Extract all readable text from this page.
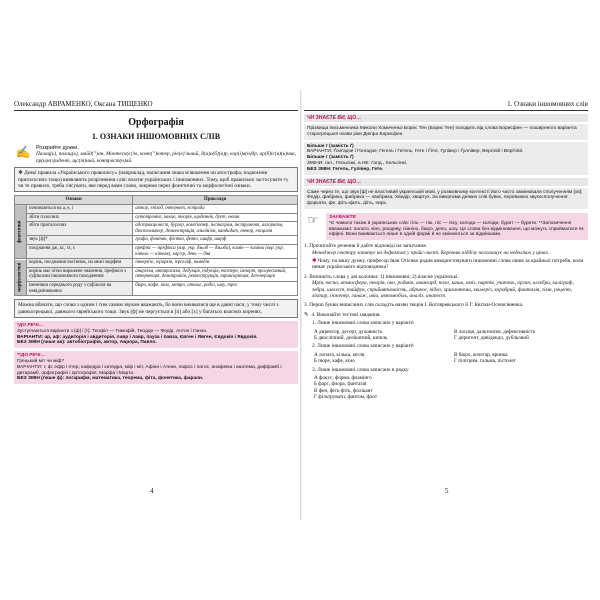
Олександр АВРАМЕНКО, Оксана ТИЩЕНКО
Орфографія
1. ОЗНАКИ ІНШОМОВНИХ СЛІВ
✍ Розкрийте дужки.
Палац(ь), палац(ь), майд('ʼ)ан, Монтеск(є)'ю, комп('ʼ)ютер, рів(е)'льний, д(и)о(б)(и)р, кор(і)а(н)др, ар(б)іс(и)(ь)ник, пр(и)е(з)идент, щс(т)ний, контраст(н)ий.
❖ Деякі правила «Українського правопису» (наприклад, написання знака м'якшення чи апострофа, подвоєння приголосних тощо) виявляють розрізнення слів: власне українських і іншомовних. Тому, щоб правильно застосувати ту чи те правило, треба з'ясувати, яке перед вами слово, зокрема через фонетичні та морфологічні ознаки.
Ознаки		Приклади
фонетичні	починаються на а, е, і	автор, епізод, інтернет, естрада
	збіги голосних	аутотренінг, какао, теорія, щоденнік, дуєт, океан
	збіги приголосних	абстракціоніст, бургер, комп'ютер, інстаграм, інструмент, алгоритм, бюстгальтер, демонстрація, альпінізм, кандидат, тенор, ексцизія
	звук [ф]*	графа, фонтан, фістка, фото, шифр, шарф
	поєднання дж, кс, гз, є	префікс — префікса (вор. укр. дзьоб — дзьоба), камін — каміна (вор. укр. кітель — кітеля), кар'єр, день — дня
морфологічні	корінь, поєднання частинок, на межі морфем	інтерв'ю, ієрархія, ієрогліф, комедія
	корінь має чітко виражене значення, префікси з суфіксами іншомовного походження	анархізм, антирасизм, дедукція, індукція, екстерн, імпорт, прогресивний, інтервенція, демократія, реконструкція, транскрипція, дегенерація
	іменники середнього роду з суфіксом на невідмінюваних	бюро, кафе, кіно, метро, ательє, радіо, шоу, тріо
Можна вбачати, що слова з одним і тим самим звуком вважають, бо вони вживалися ще в давні часи, у тому числі з давньогрецької, давнього єврейського тощо. Звук [ф] не чергується в [п] або [х] у багатьох власних коренях.
*ДО РЕЧІ…
Зустрічаються варіанти з [ф] і [т]: Теофіл — Тимофій, Теодор — Федір, Антон і Ганна.
ВАРІАНТИ: ар, аф: аудиторія і авдиторія, лавр і лавр, пауза і павза, Євген і Явген, Євдокія і Явдокія.
БЕЗ ЗМІН (лише ав): автобіографія, автор, Аврора, Павло.
**ДО РЕЧІ…
Грецький міт чи міф?
ВАРІАНТИ: т, ф: ефір і етер, кафедра і катедра, міф і міт, Афіни і Атени, пафос і патос, анафема і анатема, дифірамб і дитирамб, орфографія і ортографія, Марфа і Марта.
БЕЗ ЗМІН (лише ф): логарифм, математика, теорема, фіта, фонетика, фараон.
4
1. Ознаки іншомовних слів
ЧИ ЗНАЄТЕ ВИ, ЩО…
Прізвища письменника Миколи Хомиченко Борис Тен (Борис Тен) походить від слова Борисфен — поширеного варіанта старогрецької назви ріки Дніпра Борисфен.
Більше г (замість ґ)
ВАРІАНТИ: Ґонґадзе і Гонгадзе, Гегель і Геґель, Гете і Ґете, Гулівер і Ґуллівер, Вергілій і Верґілій.
Більше г (замість ґ)
ЗМІНИ: гал., Гельсінкі, а НЕ: ґалд., Хельсінкі.
БЕЗ ЗМІН: Гегель, Гулівер, Гете.
ЧИ ЗНАЄТЕ ВИ, ЩО…
Саме через те, що звук [ф] не властивий українській мові, у розмовному контексті його часто замінювали сполученням [хв]: Федір, фабрика, фабрика — хвабрика, Хведір, хвартух. За вимогами деяких слів буває, переважно звукосполучення: форкати, фе, фіть-фить, фіть, пирх.
☞	ЗАУВАЖТЕ
*Є чимало також в українських слів: гіль — гію, ліс — лісу, колода — колоди, бурит — бурити. **Запозичення вважаємо: пальто, кіно, рандеву, піаніно, бюро, депо, шоу. Це слова без відмінювання, що можуть сприйматися як ефірні. Вони вживаються лише в одній формі й не змінюються за відмінками.
1. Прочитайте речення й дайте відповіді на запитання.
Менеджер сектору запитує на дефектах у прайс-листі. Керівник відділу наголошує на недоліках у цінах.
✱ Чому, на вашу думку, професор Іван Огієнко радив використовувати іншомовні слова лише за крайньої потреби, коли немає українського відповідника?
2. Випишіть слова у дві колонки: 1) іншомовні; 2) власне українські.
Мрія, весна, атмосфера, теорія, око, родина, авангард, поло, каша, аміз, партія, учитель, орган, алгебра, каліграф, зебра, шелест, тайфун, сприйнятливість, абрикос, відео, хризантема, хвилеріз, хоробрий, фантазія, гімн, рецепт, ліхтар, інженер, ганаж, авіа, автомобіль, аналіз, анапест.
3. Перші букви виписаних слів складіть назви творів І. Котляревського й Г. Квітки-Основ'яненка.
✎ 4. Виконайте тестові завдання.
1. Лише іншомовні слова записано у варіанті
А директор, десерт, духовність	В ласиця, дальтонізм, дефенсивність
Б двосліпний, делікатний, шпиль	Г диригент, дивідендо, дубльовий
2. Лише іншомовні слова записано у варіанті
А лопата, кілька, кегля	В бюро, кочегар, яринка
Б пюре, кафе, кіно	Г пілігрим, гальма, пістолет
3. Лише іншомовні слова записано в рядку
А фокус, форма, фламінго
Б фарс, флора, фантазія
В фен, фіть-фіть, фолікант
Г фільтрувати, фантом, флот
5
